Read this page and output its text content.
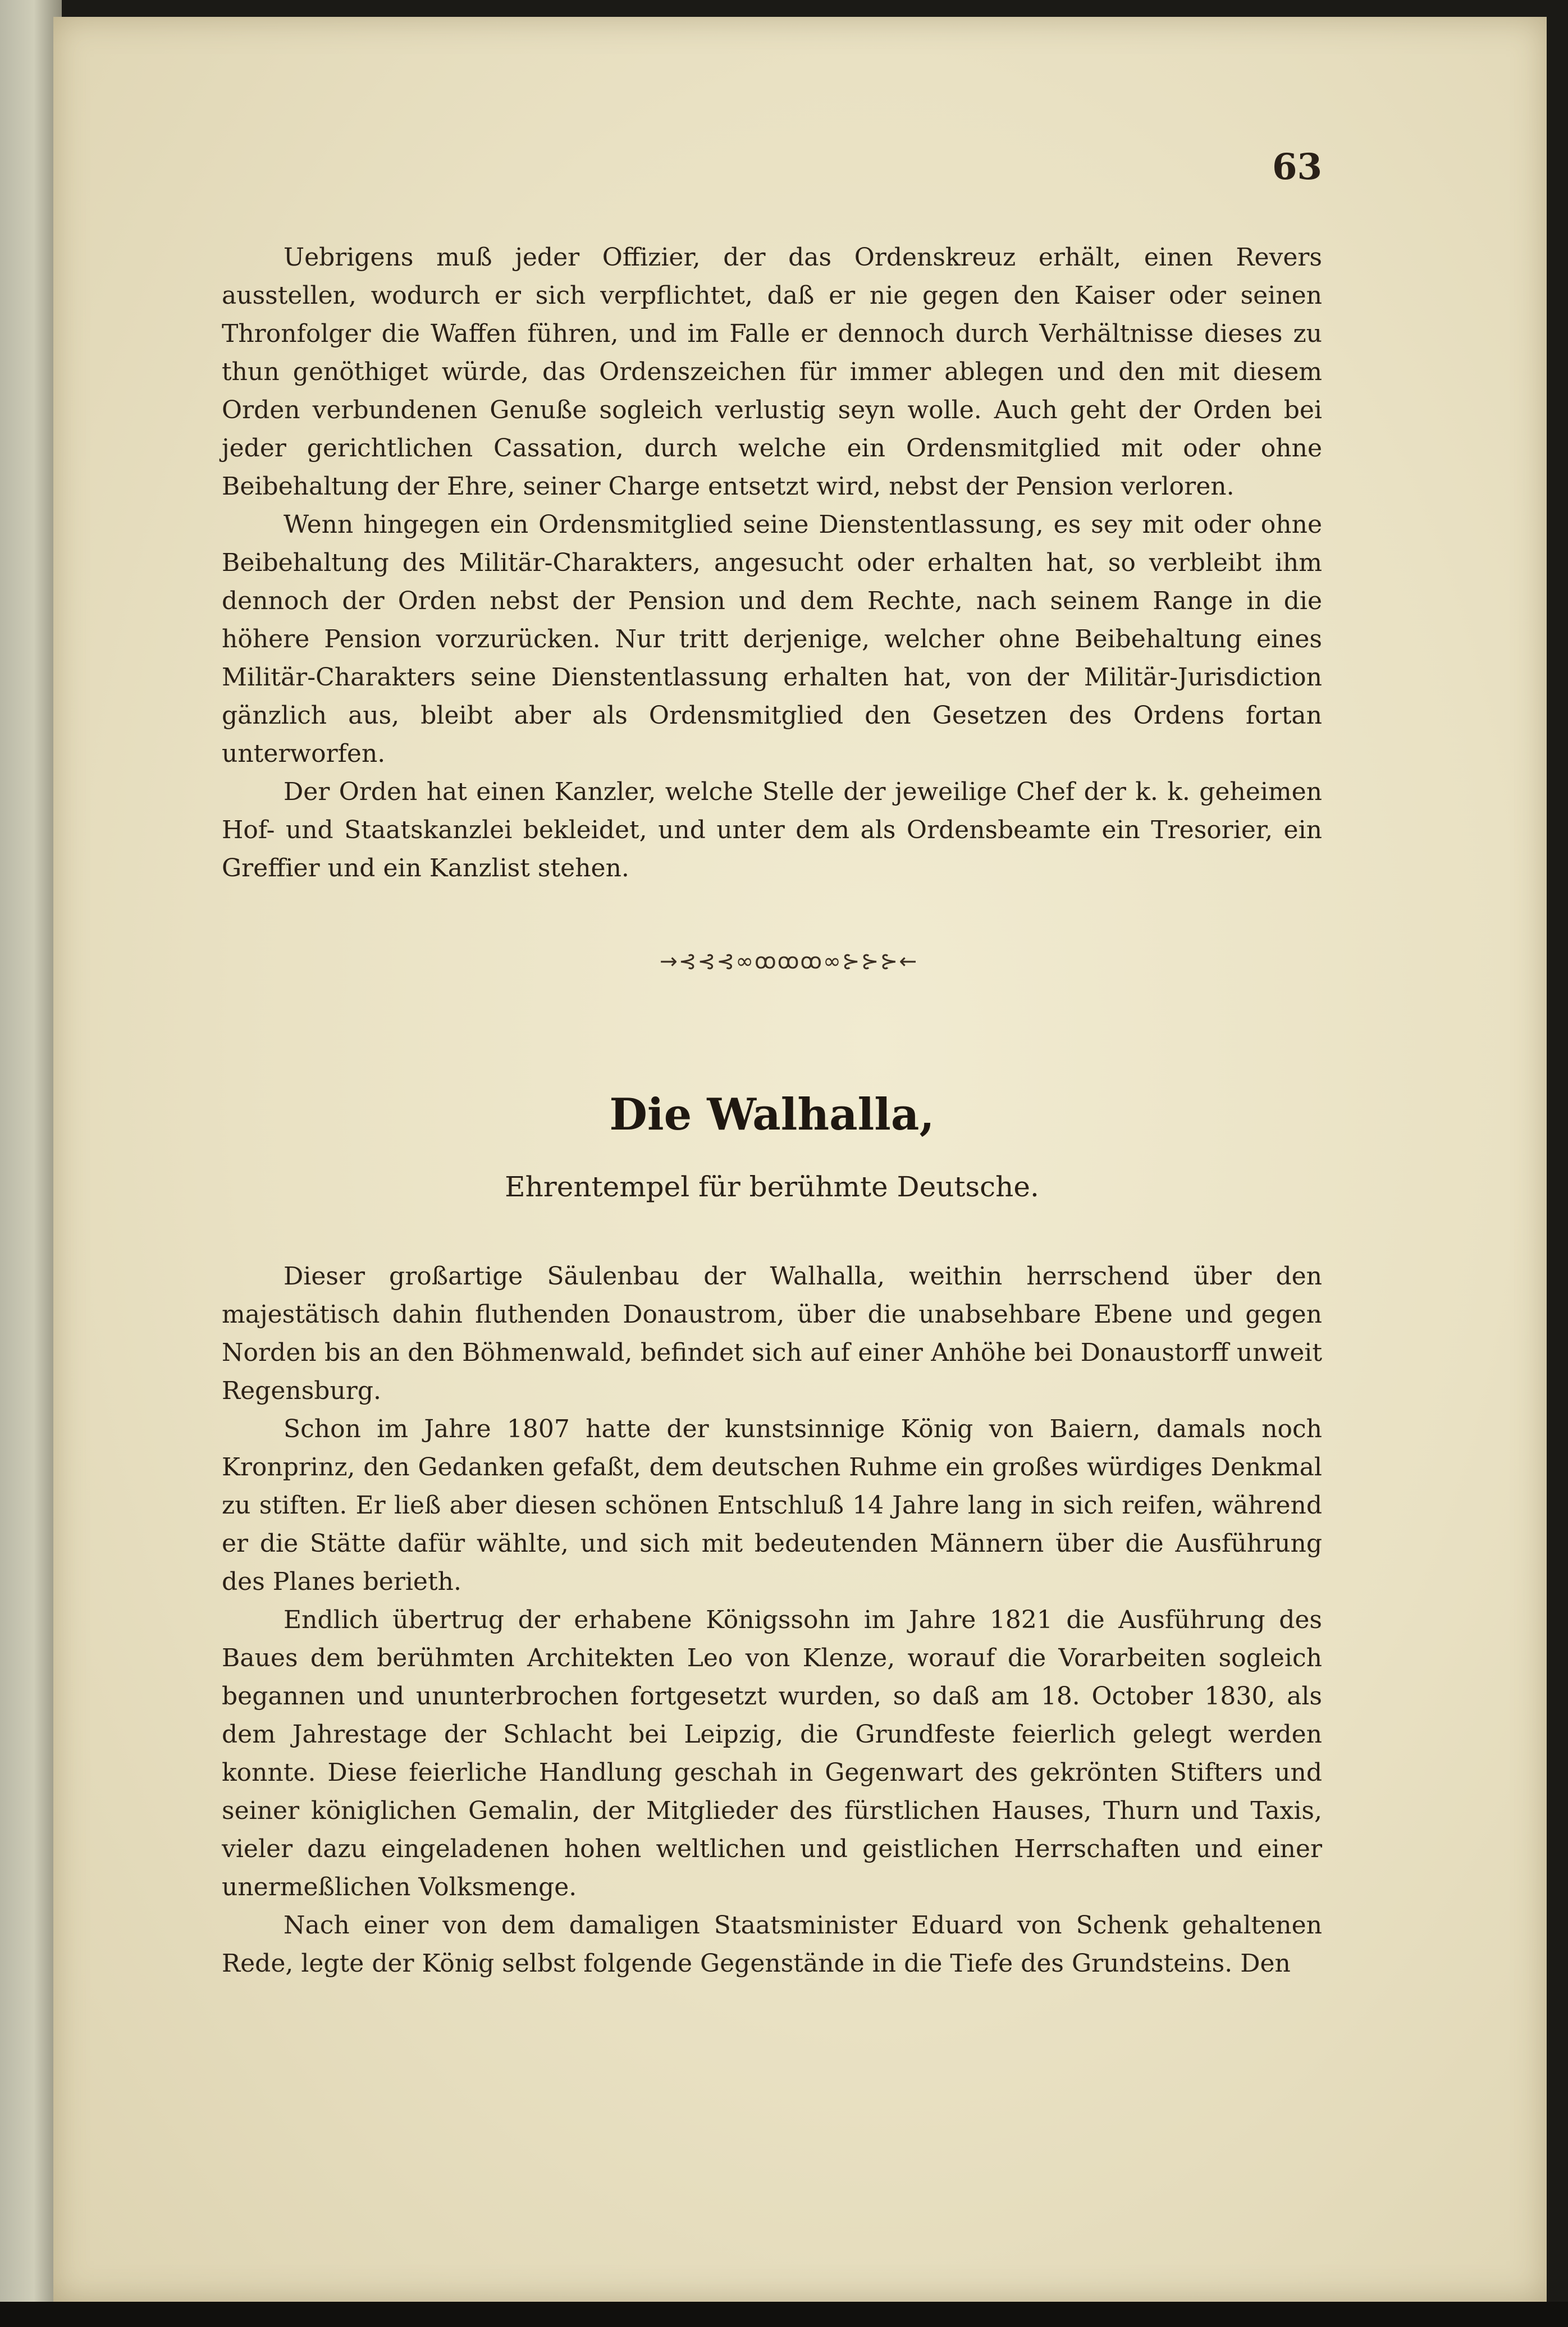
63

Uebrigens muß jeder Offizier, der das Ordenskreuz erhält, einen Revers ausstellen, wodurch er sich verpflichtet, daß er nie gegen den Kaiser oder seinen Thronfolger die Waffen führen, und im Falle er dennoch durch Verhältnisse dieses zu thun genöthiget würde, das Ordenszeichen für immer ablegen und den mit diesem Orden verbundenen Genuße sogleich verlustig seyn wolle. Auch geht der Orden bei jeder gerichtlichen Cassation, durch welche ein Ordensmitglied mit oder ohne Beibehaltung der Ehre, seiner Charge entsetzt wird, nebst der Pension verloren.

Wenn hingegen ein Ordensmitglied seine Dienstentlassung, es sey mit oder ohne Beibehaltung des Militär-Charakters, angesucht oder erhalten hat, so verbleibt ihm dennoch der Orden nebst der Pension und dem Rechte, nach seinem Range in die höhere Pension vorzurücken. Nur tritt derjenige, welcher ohne Beibehaltung eines Militär-Charakters seine Dienstentlassung erhalten hat, von der Militär-Jurisdiction gänzlich aus, bleibt aber als Ordensmitglied den Gesetzen des Ordens fortan unterworfen.

Der Orden hat einen Kanzler, welche Stelle der jeweilige Chef der k. k. geheimen Hof- und Staatskanzlei bekleidet, und unter dem als Ordensbeamte ein Tresorier, ein Greffier und ein Kanzlist stehen.

→⊰⊰⊰∞ꝏꝏꝏ∞⊱⊱⊱←
Die Walhalla,
Ehrentempel für berühmte Deutsche.

Dieser großartige Säulenbau der Walhalla, weithin herrschend über den majestätisch dahin fluthenden Donaustrom, über die unabsehbare Ebene und gegen Norden bis an den Böhmenwald, befindet sich auf einer Anhöhe bei Donaustorff unweit Regensburg.

Schon im Jahre 1807 hatte der kunstsinnige König von Baiern, damals noch Kronprinz, den Gedanken gefaßt, dem deutschen Ruhme ein großes würdiges Denkmal zu stiften. Er ließ aber diesen schönen Entschluß 14 Jahre lang in sich reifen, während er die Stätte dafür wählte, und sich mit bedeutenden Männern über die Ausführung des Planes berieth.

Endlich übertrug der erhabene Königssohn im Jahre 1821 die Ausführung des Baues dem berühmten Architekten Leo von Klenze, worauf die Vorarbeiten sogleich begannen und ununterbrochen fortgesetzt wurden, so daß am 18. October 1830, als dem Jahrestage der Schlacht bei Leipzig, die Grundfeste feierlich gelegt werden konnte. Diese feierliche Handlung geschah in Gegenwart des gekrönten Stifters und seiner königlichen Gemalin, der Mitglieder des fürstlichen Hauses, Thurn und Taxis, vieler dazu eingeladenen hohen weltlichen und geistlichen Herrschaften und einer unermeßlichen Volksmenge.

Nach einer von dem damaligen Staatsminister Eduard von Schenk gehaltenen Rede, legte der König selbst folgende Gegenstände in die Tiefe des Grundsteins. Den
